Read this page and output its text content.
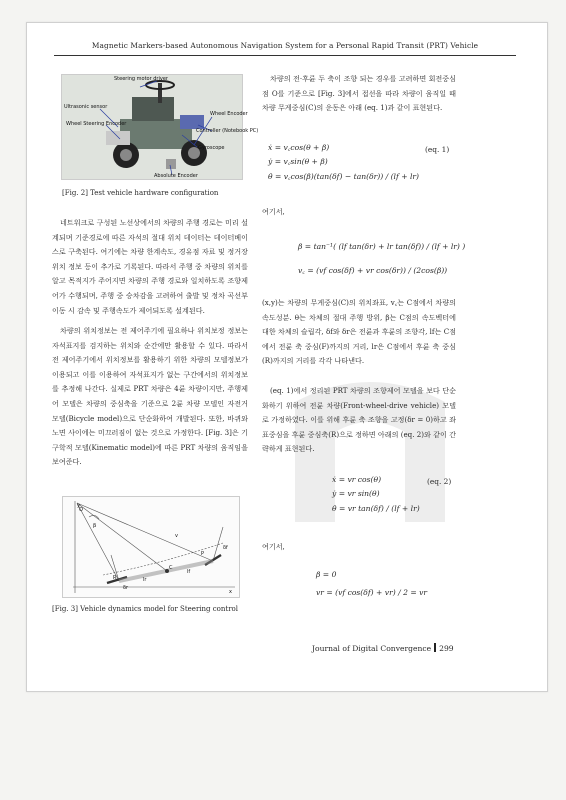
Magnetic Markers-based Autonomous Navigation System for a Personal Rapid Transit (PRT) Vehicle
Steering motor driver
Ultrasonic sensor
Wheel Steering Encoder
Wheel Encoder
Controller (Notebook PC)
Gyroscope
Absolute Encoder
[Fig. 2] Test vehicle hardware configuration
네트워크로 구성된 노선상에서의 차량의 주행 경로는 미리 설계되며 기준경로에 따른 자석의 절대 위치 데이터는 데이터베이스로 구축된다. 여기에는 차량 한계속도, 경유점 자료 및 정거장 위치 정보 등이 추가로 기록된다. 따라서 주행 중 차량의 위치를 알고 목적지가 주어지면 차량의 주행 경로와 일치하도록 조향제어가 수행되며, 주행 중 승차감을 고려하여 출발 및 정차 곡선부 이동 시 감속 및 주행속도가 제어되도록 설계된다.
차량의 위치정보는 전 제어주기에 필요하나 위치보정 정보는 자석표지를 검지하는 위치와 순간에만 활용할 수 있다. 따라서 전 제어주기에서 위치정보를 활용하기 위한 차량의 모델정보가 이용되고 이를 이용하여 자석표지가 없는 구간에서의 위치정보를 추정해 나간다. 실제로 PRT 차량은 4륜 차량이지만, 주행제어 모델은 차량의 중심축을 기준으로 2륜 차량 모델인 자전거 모델(Bicycle model)으로 단순화하여 개발된다. 또한, 바퀴와 노면 사이에는 미끄러짐이 없는 것으로 가정한다. [Fig. 3]은 기구학적 모델(Kinematic model)에 따른 PRT 차량의 움직임을 보여준다.
β
δf
δr
v
P
R
C
lf
lr
x
y
O
[Fig. 3] Vehicle dynamics model for Steering control
차량의 전·후륜 두 축이 조향 되는 경우를 고려하면 회전중심점 O를 기준으로 [Fig. 3]에서 접선을 따라 차량이 움직일 때 차량 무게중심(C)의 운동은 아래 (eq. 1)과 같이 표현된다.
ẋ = v꜀cos(θ + β)
ẏ = v꜀sin(θ + β)
θ̇ = v꜀cos(β)(tan(δf) − tan(δr)) / (lf + lr)
(eq. 1)
여기서,
β = tan⁻¹( (lf tan(δr) + lr tan(δf)) / (lf + lr) )
v꜀ = (vf cos(δf) + vr cos(δr)) / (2cos(β))
(x,y)는 차량의 무게중심(C)의 위치좌표, v꜀는 C점에서 차량의 속도성분. θ는 차체의 절대 주행 방위, β는 C점의 속도벡터에 대한 차체의 슬립각, δf와 δr은 전륜과 후륜의 조향각, lf는 C점에서 전륜 축 중심(F)까지의 거리, lr은 C점에서 후륜 축 중심(R)까지의 거리를 각각 나타낸다.
(eq. 1)에서 정리된 PRT 차량의 조향제어 모델을 보다 단순화하기 위하여 전륜 차량(Front-wheel-drive vehicle) 모델로 가정하였다. 이를 위해 후륜 축 조향을 고정(δr = 0)하고 좌표중심을 후륜 중심축(R)으로 정하면 아래의 (eq. 2)와 같이 간략하게 표현된다.
ẋ = vr cos(θ)
ẏ = vr sin(θ)
θ̇ = vr tan(δf) / (lf + lr)
(eq. 2)
여기서,
β = 0
vr = (vf cos(δf) + vr) / 2 = vr
Journal of Digital Convergence 299
